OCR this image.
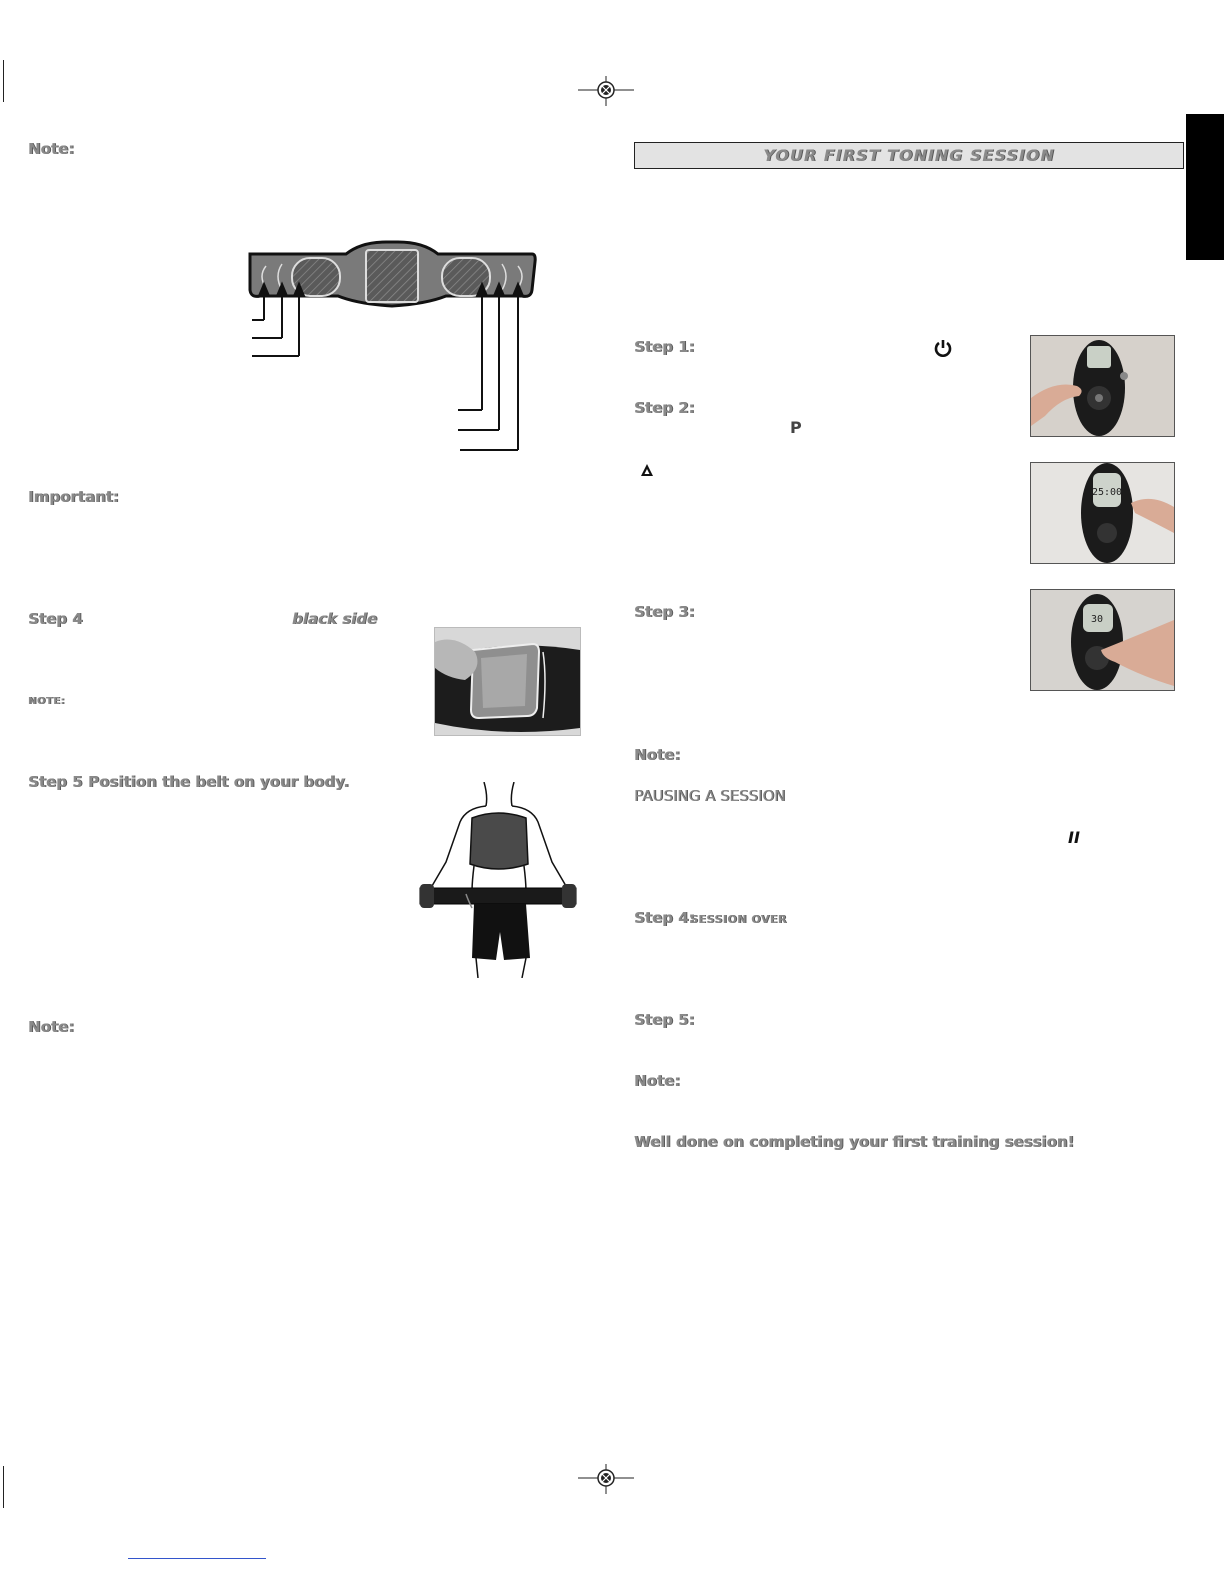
Note:
Important:
Step 4	black side
NOTE:
Step 5 Position the belt on your body.
Note:
YOUR FIRST TONING SESSION
Step 1:
Step 2:
P
25:00
30
Step 3:
Note:
PAUSING A SESSION
II
Step 4:
SESSION OVER
Step 5:
Note:
Well done on completing your first training session!
